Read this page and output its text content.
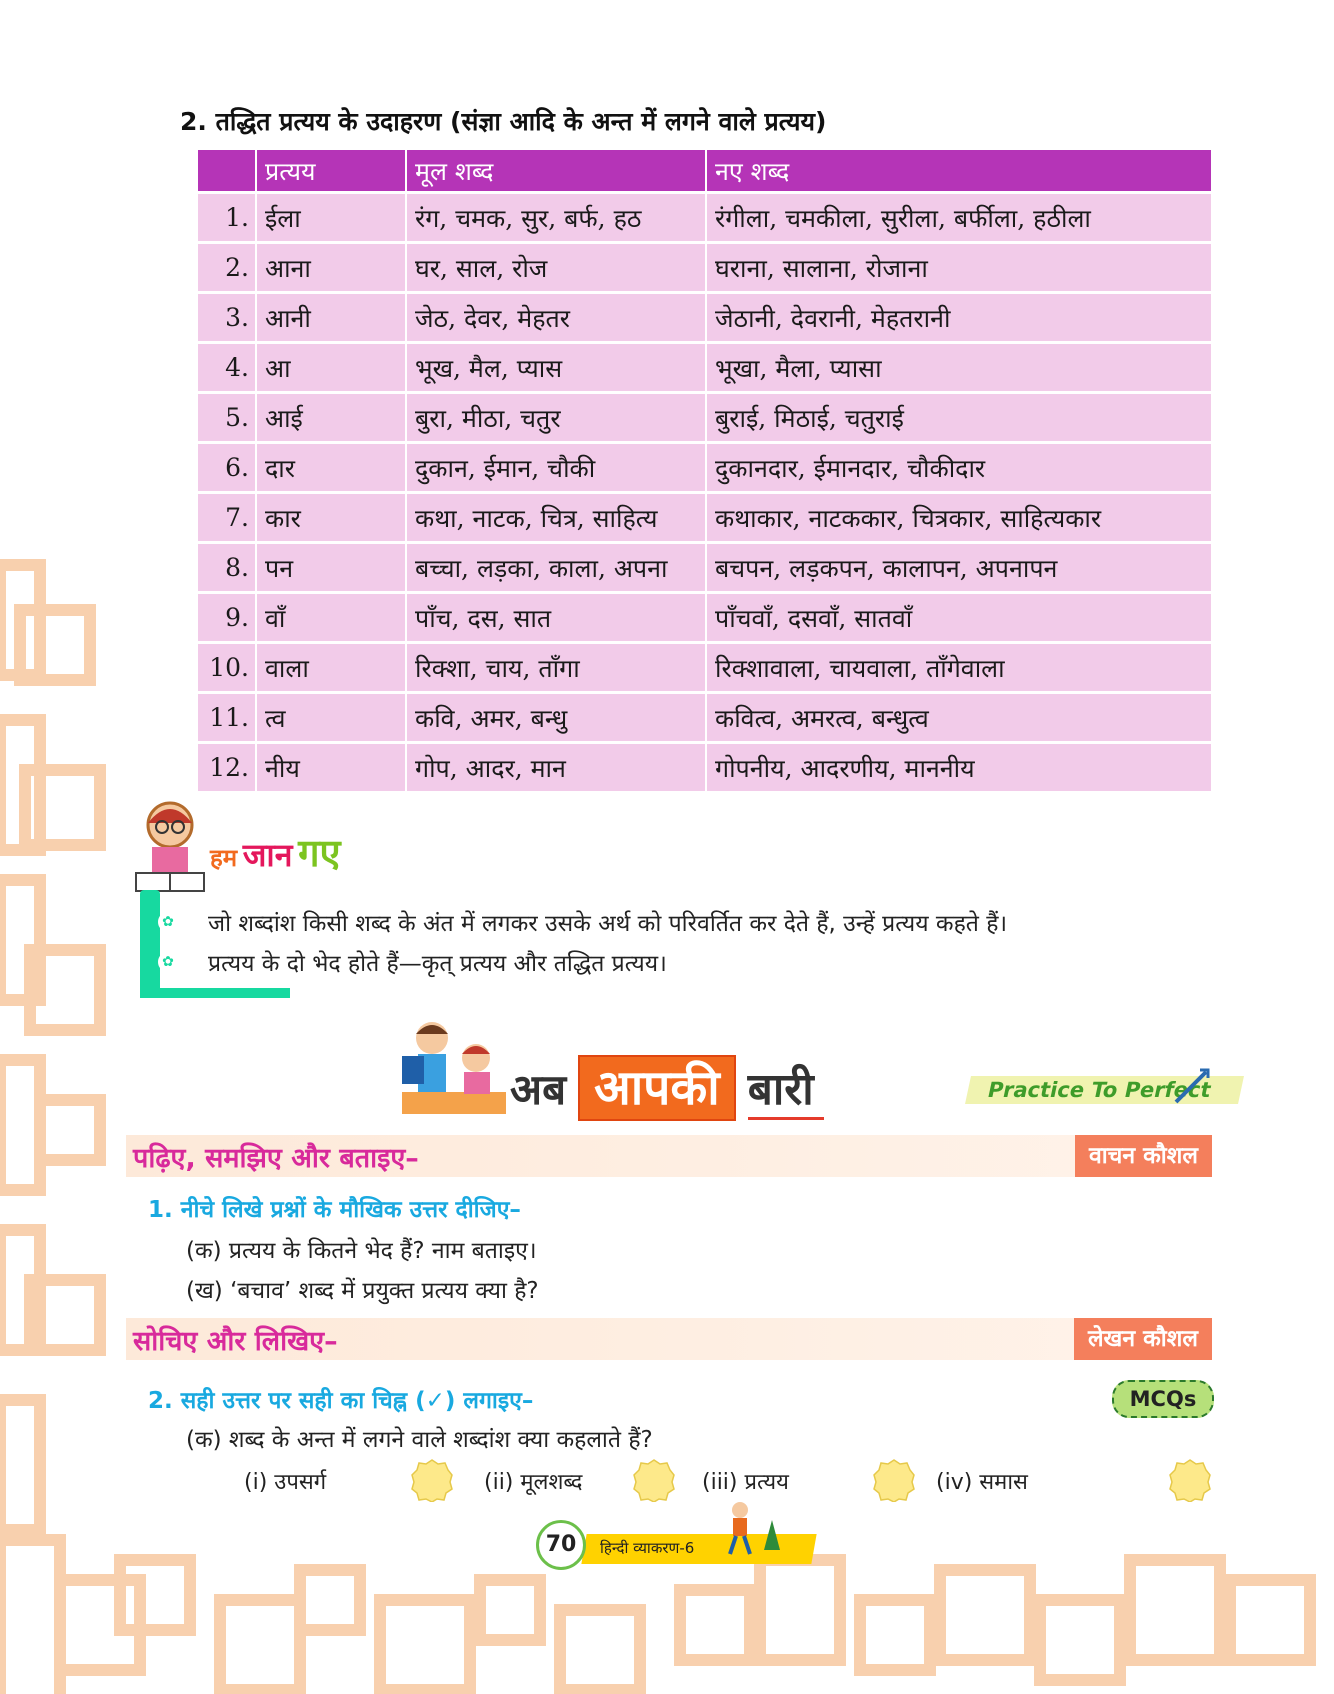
2. तद्धित प्रत्यय के उदाहरण (संज्ञा आदि के अन्त में लगने वाले प्रत्यय)
	प्रत्यय	मूल शब्द	नए शब्द
1.	ईला	रंग, चमक, सुर, बर्फ, हठ	रंगीला, चमकीला, सुरीला, बर्फीला, हठीला
2.	आना	घर, साल, रोज	घराना, सालाना, रोजाना
3.	आनी	जेठ, देवर, मेहतर	जेठानी, देवरानी, मेहतरानी
4.	आ	भूख, मैल, प्यास	भूखा, मैला, प्यासा
5.	आई	बुरा, मीठा, चतुर	बुराई, मिठाई, चतुराई
6.	दार	दुकान, ईमान, चौकी	दुकानदार, ईमानदार, चौकीदार
7.	कार	कथा, नाटक, चित्र, साहित्य	कथाकार, नाटककार, चित्रकार, साहित्यकार
8.	पन	बच्चा, लड़का, काला, अपना	बचपन, लड़कपन, कालापन, अपनापन
9.	वाँ	पाँच, दस, सात	पाँचवाँ, दसवाँ, सातवाँ
10.	वाला	रिक्शा, चाय, ताँगा	रिक्शावाला, चायवाला, ताँगेवाला
11.	त्व	कवि, अमर, बन्धु	कवित्व, अमरत्व, बन्धुत्व
12.	नीय	गोप, आदर, मान	गोपनीय, आदरणीय, माननीय
हम जान गए
✿
✿
जो शब्दांश किसी शब्द के अंत में लगकर उसके अर्थ को परिवर्तित कर देते हैं, उन्हें प्रत्यय कहते हैं।
प्रत्यय के दो भेद होते हैं—कृत् प्रत्यय और तद्धित प्रत्यय।
अब आपकी बारी	Practice To Perfect
पढ़िए, समझिए और बताइए–	वाचन कौशल
1. नीचे लिखे प्रश्नों के मौखिक उत्तर दीजिए–
(क) प्रत्यय के कितने भेद हैं? नाम बताइए।
(ख) ‘बचाव’ शब्द में प्रयुक्त प्रत्यय क्या है?
सोचिए और लिखिए–	लेखन कौशल
2. सही उत्तर पर सही का चिह्न (✓) लगाइए–	MCQs
(क) शब्द के अन्त में लगने वाले शब्दांश क्या कहलाते हैं?
(i) उपसर्ग	(ii) मूलशब्द	(iii) प्रत्यय	(iv) समास
70	हिन्दी व्याकरण-6
